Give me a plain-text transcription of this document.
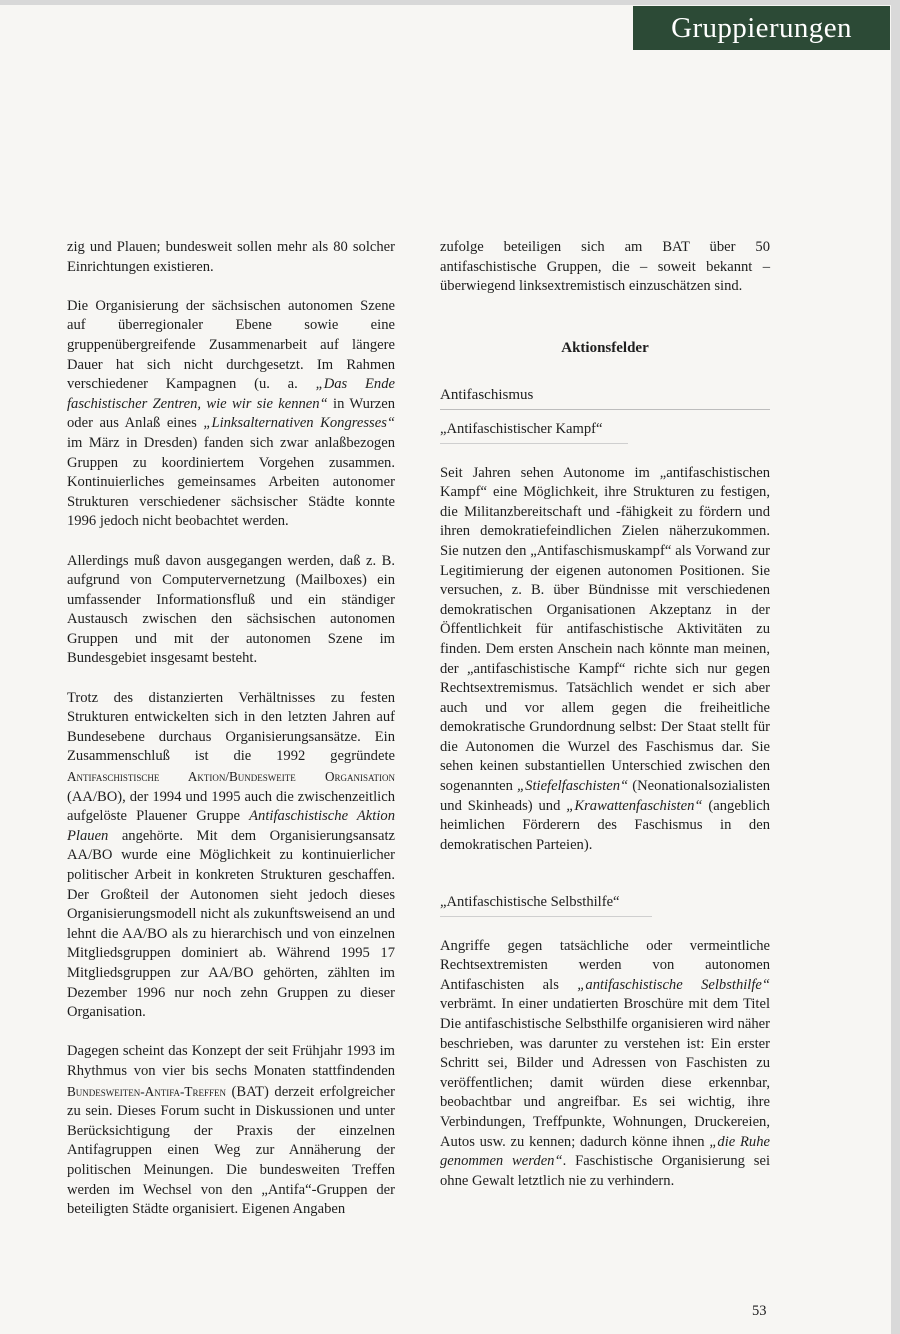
Gruppierungen

zig und Plauen; bundesweit sollen mehr als 80 solcher Einrichtungen existieren.

Die Organisierung der sächsischen autonomen Szene auf überregionaler Ebene sowie eine gruppenübergreifende Zusammenarbeit auf längere Dauer hat sich nicht durchgesetzt. Im Rahmen verschiedener Kampagnen (u. a. „Das Ende faschistischer Zentren, wie wir sie kennen“ in Wurzen oder aus Anlaß eines „Linksalternativen Kongresses“ im März in Dresden) fanden sich zwar anlaßbezogen Gruppen zu koordiniertem Vorgehen zusammen. Kontinuierliches gemeinsames Arbeiten autonomer Strukturen verschiedener sächsischer Städte konnte 1996 jedoch nicht beobachtet werden.

Allerdings muß davon ausgegangen werden, daß z. B. aufgrund von Computervernetzung (Mailboxes) ein umfassender Informationsfluß und ein ständiger Austausch zwischen den sächsischen autonomen Gruppen und mit der autonomen Szene im Bundesgebiet insgesamt besteht.

Trotz des distanzierten Verhältnisses zu festen Strukturen entwickelten sich in den letzten Jahren auf Bundesebene durchaus Organisierungsansätze. Ein Zusammenschluß ist die 1992 gegründete Antifaschistische Aktion/Bundesweite Organisation (AA/BO), der 1994 und 1995 auch die zwischenzeitlich aufgelöste Plauener Gruppe Antifaschistische Aktion Plauen angehörte. Mit dem Organisierungsansatz AA/BO wurde eine Möglichkeit zu kontinuierlicher politischer Arbeit in konkreten Strukturen geschaffen. Der Großteil der Autonomen sieht jedoch dieses Organisierungsmodell nicht als zukunftsweisend an und lehnt die AA/BO als zu hierarchisch und von einzelnen Mitgliedsgruppen dominiert ab. Während 1995 17 Mitgliedsgruppen zur AA/BO gehörten, zählten im Dezember 1996 nur noch zehn Gruppen zu dieser Organisation.

Dagegen scheint das Konzept der seit Frühjahr 1993 im Rhythmus von vier bis sechs Monaten stattfindenden Bundesweiten-Antifa-Treffen (BAT) derzeit erfolgreicher zu sein. Dieses Forum sucht in Diskussionen und unter Berücksichtigung der Praxis der einzelnen Antifagruppen einen Weg zur Annäherung der politischen Meinungen. Die bundesweiten Treffen werden im Wechsel von den „Antifa“-Gruppen der beteiligten Städte organisiert. Eigenen Angaben

zufolge beteiligen sich am BAT über 50 antifaschistische Gruppen, die – soweit bekannt – überwiegend linksextremistisch einzuschätzen sind.

Aktionsfelder
Antifaschismus
„Antifaschistischer Kampf“

Seit Jahren sehen Autonome im „antifaschistischen Kampf“ eine Möglichkeit, ihre Strukturen zu festigen, die Militanzbereitschaft und -fähigkeit zu fördern und ihren demokratiefeindlichen Zielen näherzukommen. Sie nutzen den „Antifaschismuskampf“ als Vorwand zur Legitimierung der eigenen autonomen Positionen. Sie versuchen, z. B. über Bündnisse mit verschiedenen demokratischen Organisationen Akzeptanz in der Öffentlichkeit für antifaschistische Aktivitäten zu finden. Dem ersten Anschein nach könnte man meinen, der „antifaschistische Kampf“ richte sich nur gegen Rechtsextremismus. Tatsächlich wendet er sich aber auch und vor allem gegen die freiheitliche demokratische Grundordnung selbst: Der Staat stellt für die Autonomen die Wurzel des Faschismus dar. Sie sehen keinen substantiellen Unterschied zwischen den sogenannten „Stiefelfaschisten“ (Neonationalsozialisten und Skinheads) und „Krawattenfaschisten“ (angeblich heimlichen Förderern des Faschismus in den demokratischen Parteien).

„Antifaschistische Selbsthilfe“

Angriffe gegen tatsächliche oder vermeintliche Rechtsextremisten werden von autonomen Antifaschisten als „antifaschistische Selbsthilfe“ verbrämt. In einer undatierten Broschüre mit dem Titel Die antifaschistische Selbsthilfe organisieren wird näher beschrieben, was darunter zu verstehen ist: Ein erster Schritt sei, Bilder und Adressen von Faschisten zu veröffentlichen; damit würden diese erkennbar, beobachtbar und angreifbar. Es sei wichtig, ihre Verbindungen, Treffpunkte, Wohnungen, Druckereien, Autos usw. zu kennen; dadurch könne ihnen „die Ruhe genommen werden“. Faschistische Organisierung sei ohne Gewalt letztlich nie zu verhindern.

53
